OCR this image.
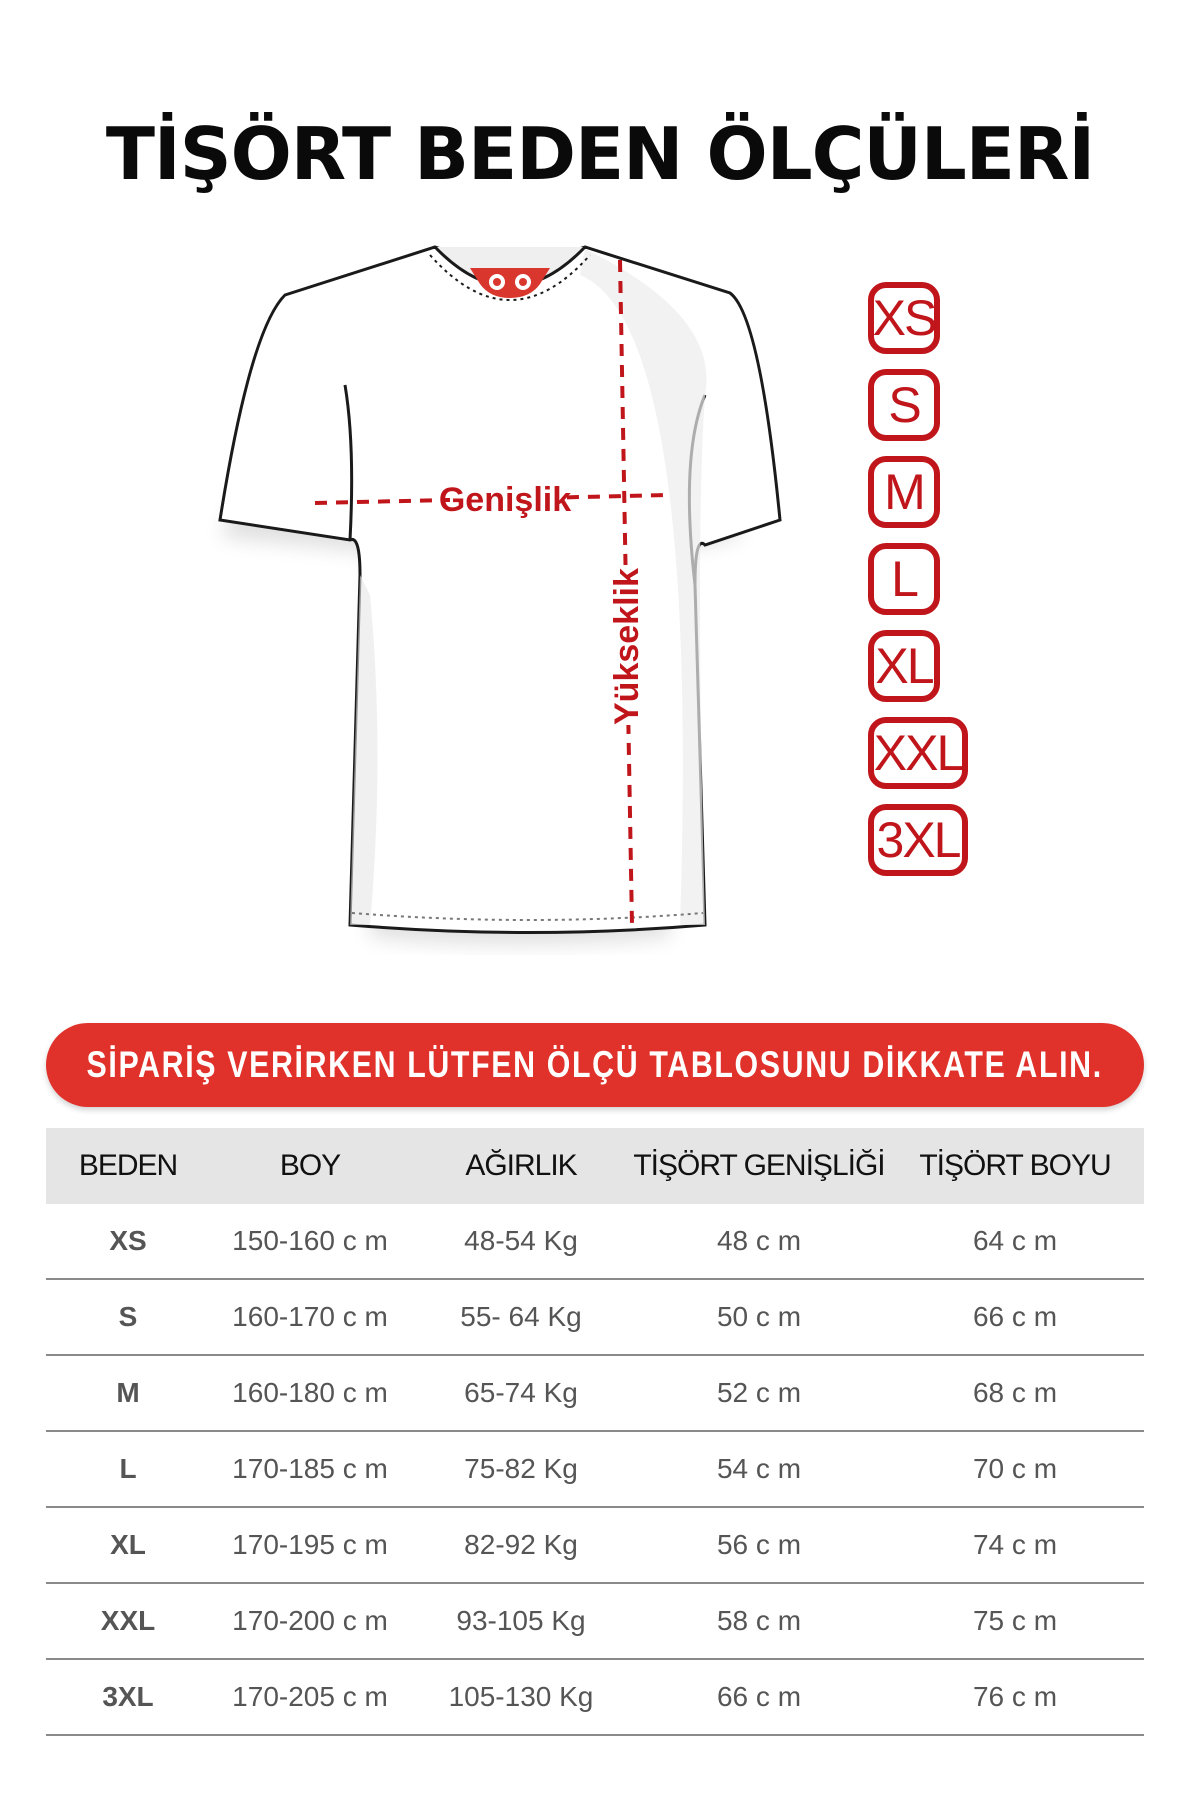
TİŞÖRT BEDEN ÖLÇÜLERİ
Genişlik
Yükseklik
XS
S
M
L
XL
XXL
3XL
SİPARİŞ VERİRKEN LÜTFEN ÖLÇÜ TABLOSUNU DİKKATE ALIN.
BEDEN	BOY	AĞIRLIK	TİŞÖRT GENİŞLİĞİ	TİŞÖRT BOYU
XS	150-160 c m	48-54 Kg	48 c m	64 c m
S	160-170 c m	55- 64 Kg	50 c m	66 c m
M	160-180 c m	65-74 Kg	52 c m	68 c m
L	170-185 c m	75-82 Kg	54 c m	70 c m
XL	170-195 c m	82-92 Kg	56 c m	74 c m
XXL	170-200 c m	93-105 Kg	58 c m	75 c m
3XL	170-205 c m	105-130 Kg	66 c m	76 c m
